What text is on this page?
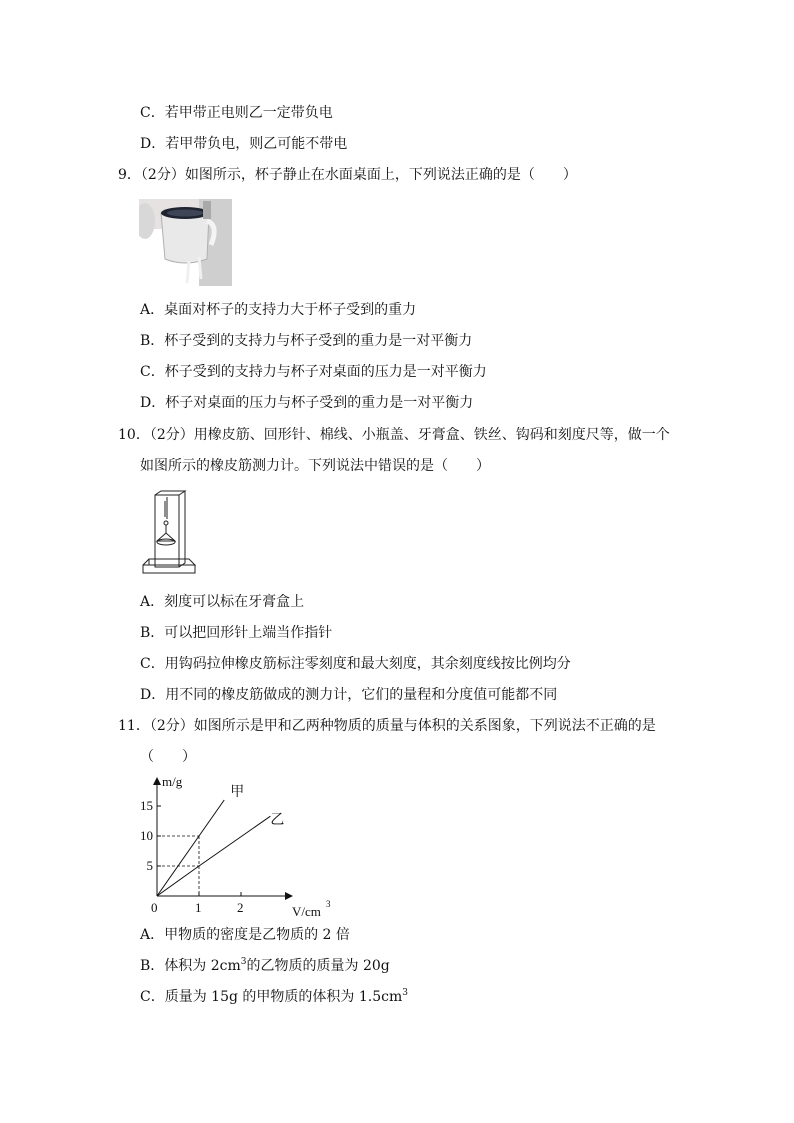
C．若甲带正电则乙一定带负电
D．若甲带负电，则乙可能不带电
9．（2分）如图所示，杯子静止在水面桌面上，下列说法正确的是（　　）
A．桌面对杯子的支持力大于杯子受到的重力
B．杯子受到的支持力与杯子受到的重力是一对平衡力
C．杯子受到的支持力与杯子对桌面的压力是一对平衡力
D．杯子对桌面的压力与杯子受到的重力是一对平衡力
10．（2分）用橡皮筋、回形针、棉线、小瓶盖、牙膏盒、铁丝、钩码和刻度尺等，做一个
如图所示的橡皮筋测力计。下列说法中错误的是（　　）
A．刻度可以标在牙膏盒上
B．可以把回形针上端当作指针
C．用钩码拉伸橡皮筋标注零刻度和最大刻度，其余刻度线按比例均分
D．用不同的橡皮筋做成的测力计，它们的量程和分度值可能都不同
11．（2分）如图所示是甲和乙两种物质的质量与体积的关系图象，下列说法不正确的是
（　　）
甲
乙
1	2
5
10
15
0
m/g
V/cm 3
A．甲物质的密度是乙物质的 2 倍
B．体积为 $2cm^3$的乙物质的质量为 20g
C．质量为 15g 的甲物质的体积为 $1.5cm^3$
